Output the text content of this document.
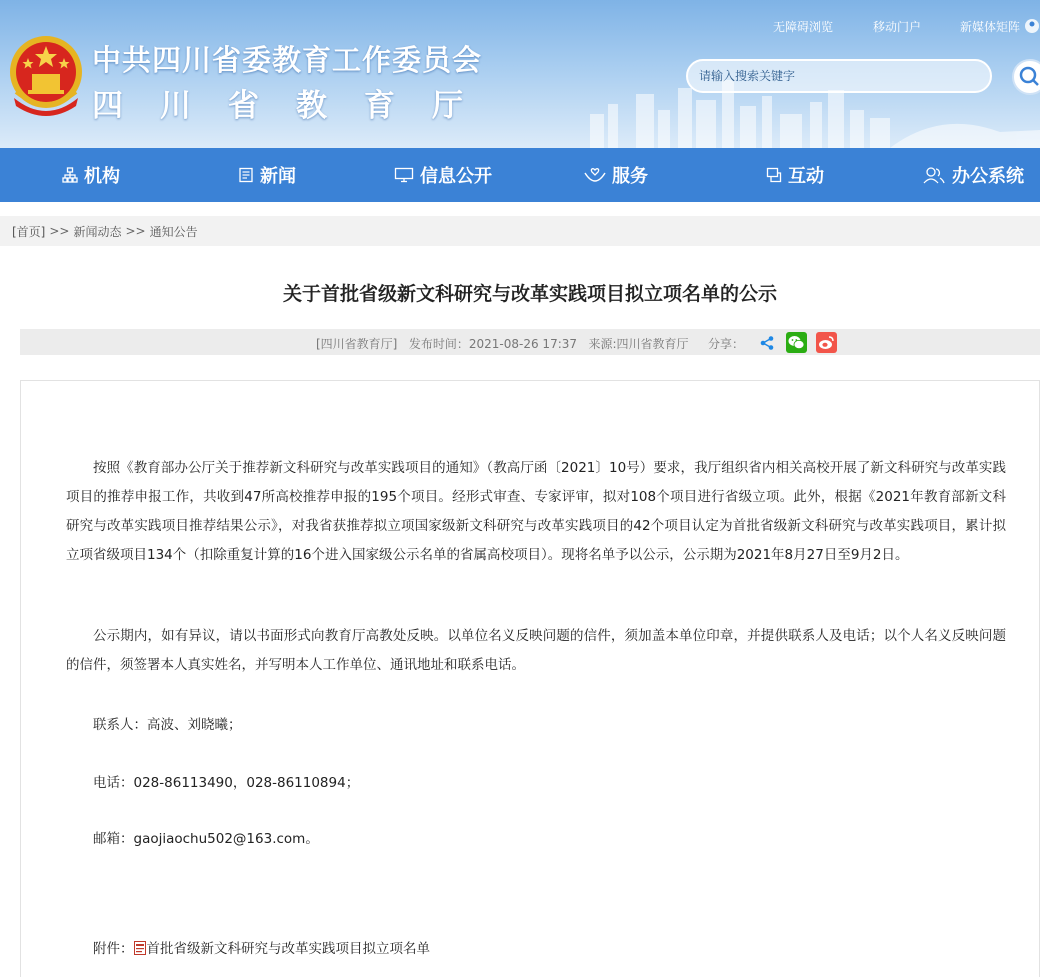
中共四川省委教育工作委员会
四川省教育厅
无障碍浏览	移动门户	新媒体矩阵
请输入搜索关键字
机构	新闻	信息公开	服务	互动	办公系统
[首页] >> 新闻动态 >> 通知公告
关于首批省级新文科研究与改革实践项目拟立项名单的公示
[四川省教育厅] 发布时间：2021-08-26 17:37 来源:四川省教育厅 分享：

按照《教育部办公厅关于推荐新文科研究与改革实践项目的通知》（教高厅函〔2021〕10号）要求，我厅组织省内相关高校开展了新文科研究与改革实践项目的推荐申报工作，共收到47所高校推荐申报的195个项目。经形式审查、专家评审，拟对108个项目进行省级立项。此外，根据《2021年教育部新文科研究与改革实践项目推荐结果公示》，对我省获推荐拟立项国家级新文科研究与改革实践项目的42个项目认定为首批省级新文科研究与改革实践项目，累计拟立项省级项目134个（扣除重复计算的16个进入国家级公示名单的省属高校项目）。现将名单予以公示，公示期为2021年8月27日至9月2日。

公示期内，如有异议，请以书面形式向教育厅高教处反映。以单位名义反映问题的信件，须加盖本单位印章，并提供联系人及电话；以个人名义反映问题的信件，须签署本人真实姓名，并写明本人工作单位、通讯地址和联系电话。

联系人：高波、刘晓曦；
电话：028-86113490，028-86110894；
邮箱：gaojiaochu502@163.com。
附件： 首批省级新文科研究与改革实践项目拟立项名单
